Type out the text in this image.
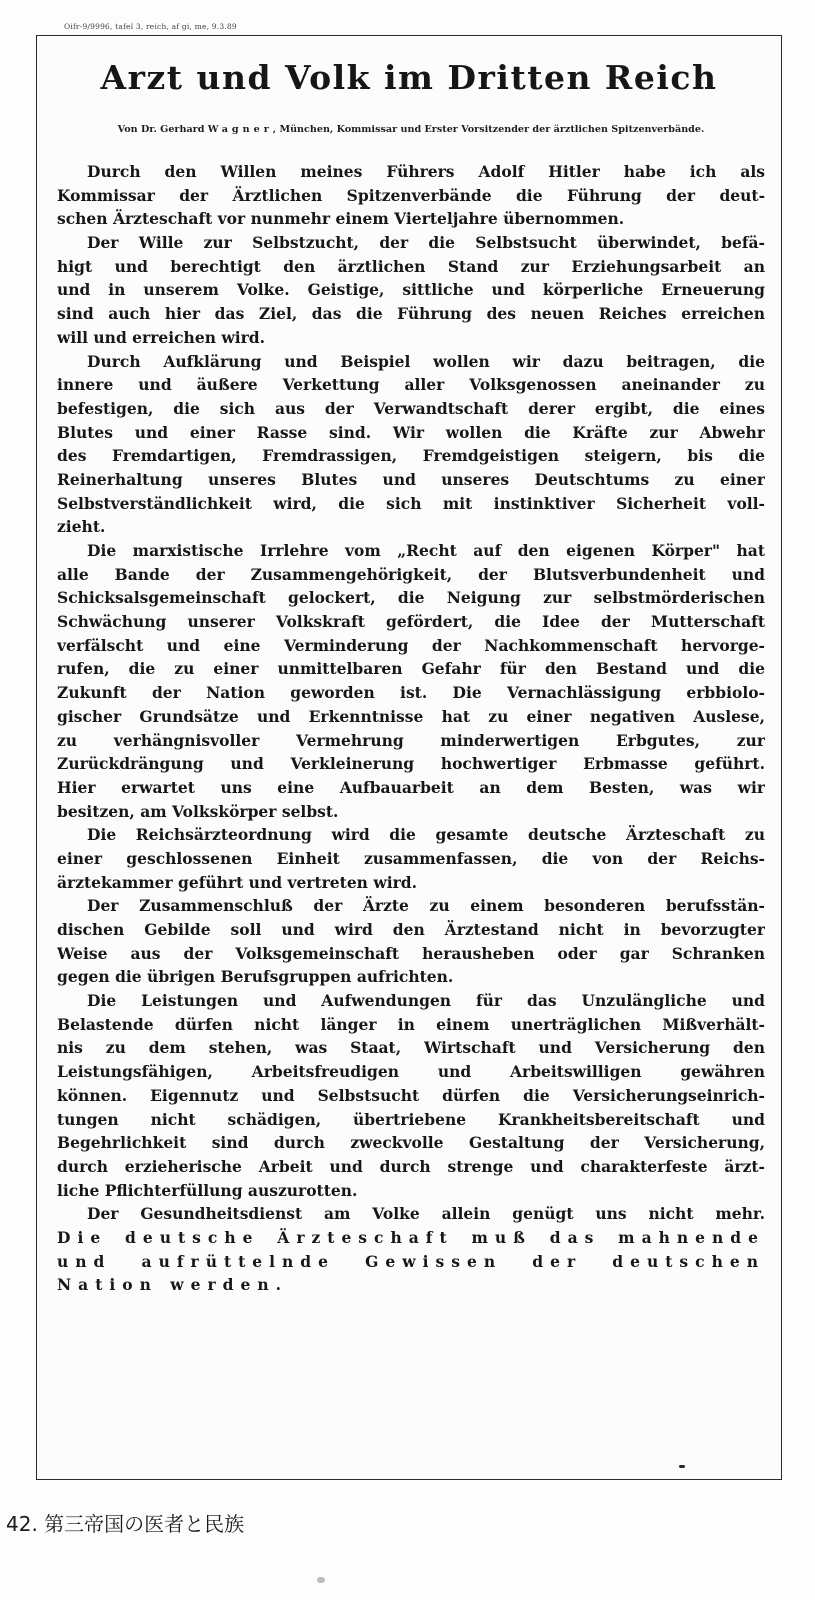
Oifr-9/9996, tafel 3, reich, af gi, me, 9.3.89
Arzt und Volk im Dritten Reich
Von Dr. Gerhard Wagner, München, Kommissar und Erster Vorsitzender der ärztlichen Spitzenverbände.
Durch den Willen meines Führers Adolf Hitler habe ich als
Kommissar der Ärztlichen Spitzenverbände die Führung der deut-
schen Ärzteschaft vor nunmehr einem Vierteljahre übernommen.
Der Wille zur Selbstzucht, der die Selbstsucht überwindet, befä-
higt und berechtigt den ärztlichen Stand zur Erziehungsarbeit an
und in unserem Volke. Geistige, sittliche und körperliche Erneuerung
sind auch hier das Ziel, das die Führung des neuen Reiches erreichen
will und erreichen wird.
Durch Aufklärung und Beispiel wollen wir dazu beitragen, die
innere und äußere Verkettung aller Volksgenossen aneinander zu
befestigen, die sich aus der Verwandtschaft derer ergibt, die eines
Blutes und einer Rasse sind. Wir wollen die Kräfte zur Abwehr
des Fremdartigen, Fremdrassigen, Fremdgeistigen steigern, bis die
Reinerhaltung unseres Blutes und unseres Deutschtums zu einer
Selbstverständlichkeit wird, die sich mit instinktiver Sicherheit voll-
zieht.
Die marxistische Irrlehre vom „Recht auf den eigenen Körper" hat
alle Bande der Zusammengehörigkeit, der Blutsverbundenheit und
Schicksalsgemeinschaft gelockert, die Neigung zur selbstmörderischen
Schwächung unserer Volkskraft gefördert, die Idee der Mutterschaft
verfälscht und eine Verminderung der Nachkommenschaft hervorge-
rufen, die zu einer unmittelbaren Gefahr für den Bestand und die
Zukunft der Nation geworden ist. Die Vernachlässigung erbbiolo-
gischer Grundsätze und Erkenntnisse hat zu einer negativen Auslese,
zu verhängnisvoller Vermehrung minderwertigen Erbgutes, zur
Zurückdrängung und Verkleinerung hochwertiger Erbmasse geführt.
Hier erwartet uns eine Aufbauarbeit an dem Besten, was wir
besitzen, am Volkskörper selbst.
Die Reichsärzteordnung wird die gesamte deutsche Ärzteschaft zu
einer geschlossenen Einheit zusammenfassen, die von der Reichs-
ärztekammer geführt und vertreten wird.
Der Zusammenschluß der Ärzte zu einem besonderen berufsstän-
dischen Gebilde soll und wird den Ärztestand nicht in bevorzugter
Weise aus der Volksgemeinschaft herausheben oder gar Schranken
gegen die übrigen Berufsgruppen aufrichten.
Die Leistungen und Aufwendungen für das Unzulängliche und
Belastende dürfen nicht länger in einem unerträglichen Mißverhält-
nis zu dem stehen, was Staat, Wirtschaft und Versicherung den
Leistungsfähigen, Arbeitsfreudigen und Arbeitswilligen gewähren
können. Eigennutz und Selbstsucht dürfen die Versicherungseinrich-
tungen nicht schädigen, übertriebene Krankheitsbereitschaft und
Begehrlichkeit sind durch zweckvolle Gestaltung der Versicherung,
durch erzieherische Arbeit und durch strenge und charakterfeste ärzt-
liche Pflichterfüllung auszurotten.
Der Gesundheitsdienst am Volke allein genügt uns nicht mehr.
Die deutsche Ärzteschaft muß das mahnende
und aufrüttelnde Gewissen der deutschen
Nation werden.
42. 第三帝国の医者と民族
